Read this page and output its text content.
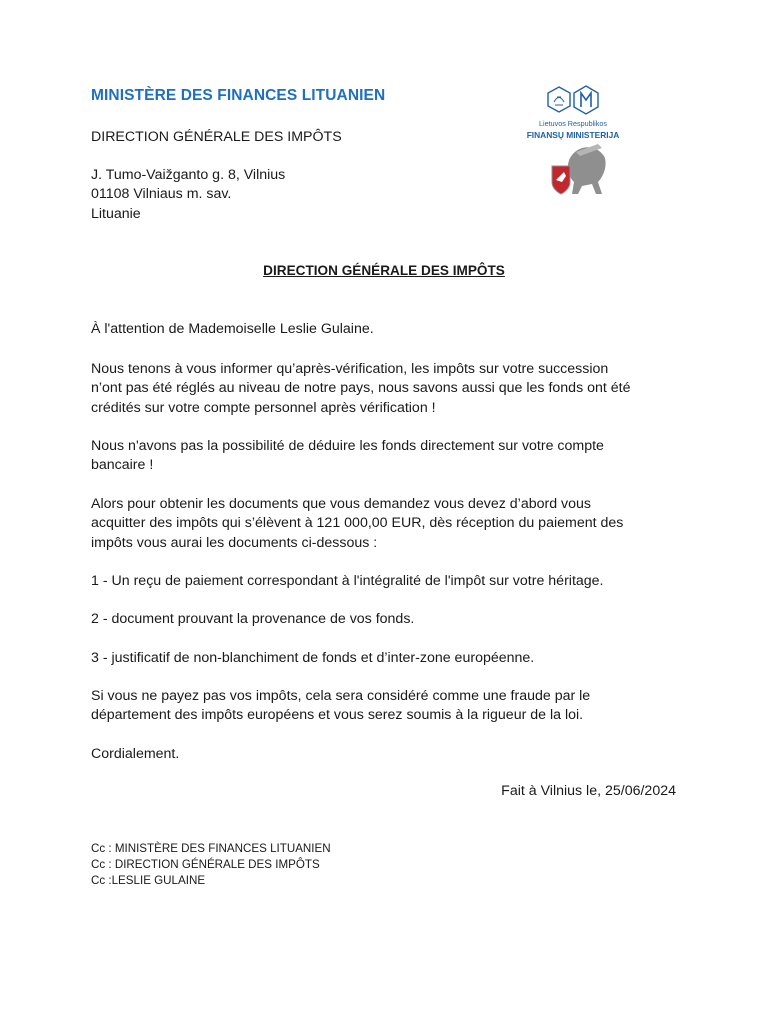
MINISTÈRE DES FINANCES LITUANIEN
DIRECTION GÉNÉRALE DES IMPÔTS
J. Tumo-Vaižganto g. 8, Vilnius
01108 Vilniaus m. sav.
Lituanie
Lietuvos Respublikos
FINANSŲ MINISTERIJA
DIRECTION GÉNÉRALE DES IMPÔTS
À l'attention de Mademoiselle Leslie Gulaine.
Nous tenons à vous informer qu’après-vérification, les impôts sur votre succession
n’ont pas été réglés au niveau de notre pays, nous savons aussi que les fonds ont été
crédités sur votre compte personnel après vérification !
Nous n'avons pas la possibilité de déduire les fonds directement sur votre compte
bancaire !
Alors pour obtenir les documents que vous demandez vous devez d’abord vous
acquitter des impôts qui s’élèvent à 121 000,00 EUR, dès réception du paiement des
impôts vous aurai les documents ci-dessous :
1 - Un reçu de paiement correspondant à l'intégralité de l'impôt sur votre héritage.
2 - document prouvant la provenance de vos fonds.
3 - justificatif de non-blanchiment de fonds et d’inter-zone européenne.
Si vous ne payez pas vos impôts, cela sera considéré comme une fraude par le
département des impôts européens et vous serez soumis à la rigueur de la loi.
Cordialement.
Fait à Vilnius le, 25/06/2024
Cc : MINISTÈRE DES FINANCES LITUANIEN
Cc : DIRECTION GÉNÉRALE DES IMPÔTS
Cc :LESLIE GULAINE
